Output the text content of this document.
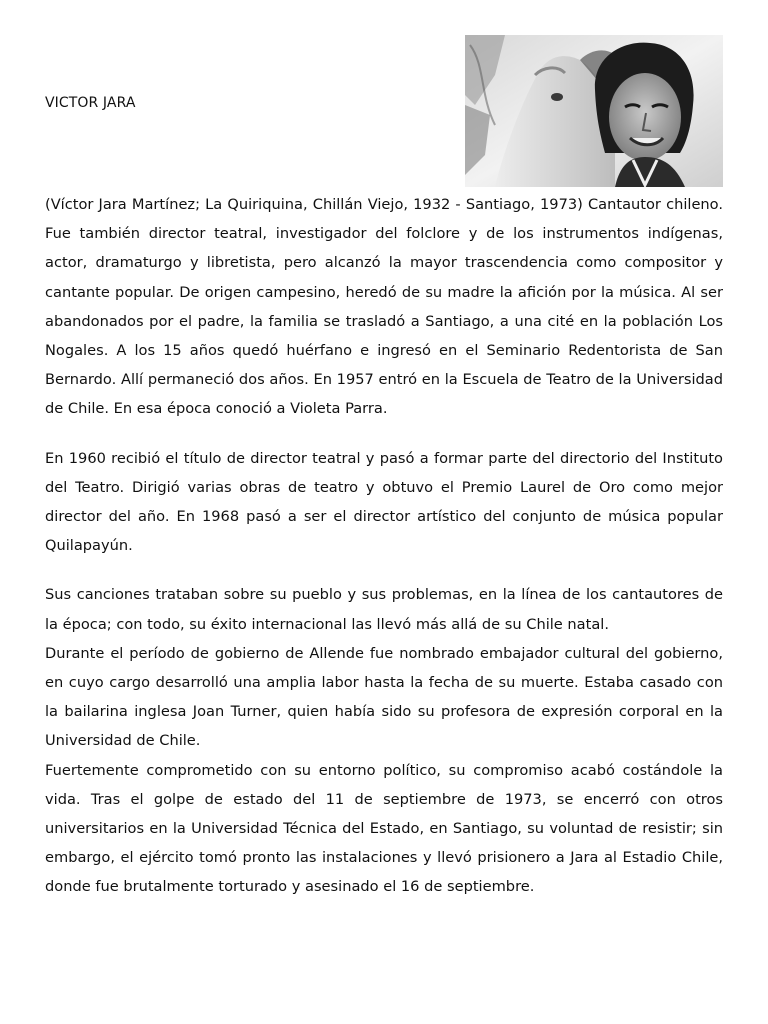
VICTOR JARA

(Víctor Jara Martínez; La Quiriquina, Chillán Viejo, 1932 - Santiago, 1973) Cantautor chileno. Fue también director teatral, investigador del folclore y de los instrumentos indígenas, actor, dramaturgo y libretista, pero alcanzó la mayor trascendencia como compositor y cantante popular. De origen campesino, heredó de su madre la afición por la música. Al ser abandonados por el padre, la familia se trasladó a Santiago, a una cité en la población Los Nogales. A los 15 años quedó huérfano e ingresó en el Seminario Redentorista de San Bernardo. Allí permaneció dos años. En 1957 entró en la Escuela de Teatro de la Universidad de Chile. En esa época conoció a Violeta Parra.

En 1960 recibió el título de director teatral y pasó a formar parte del directorio del Instituto del Teatro. Dirigió varias obras de teatro y obtuvo el Premio Laurel de Oro como mejor director del año. En 1968 pasó a ser el director artístico del conjunto de música popular Quilapayún.

Sus canciones trataban sobre su pueblo y sus problemas, en la línea de los cantautores de la época; con todo, su éxito internacional las llevó más allá de su Chile natal.

Durante el período de gobierno de Allende fue nombrado embajador cultural del gobierno, en cuyo cargo desarrolló una amplia labor hasta la fecha de su muerte. Estaba casado con la bailarina inglesa Joan Turner, quien había sido su profesora de expresión corporal en la Universidad de Chile.

Fuertemente comprometido con su entorno político, su compromiso acabó costándole la vida. Tras el golpe de estado del 11 de septiembre de 1973, se encerró con otros universitarios en la Universidad Técnica del Estado, en Santiago, su voluntad de resistir; sin embargo, el ejército tomó pronto las instalaciones y llevó prisionero a Jara al Estadio Chile, donde fue brutalmente torturado y asesinado el 16 de septiembre.
